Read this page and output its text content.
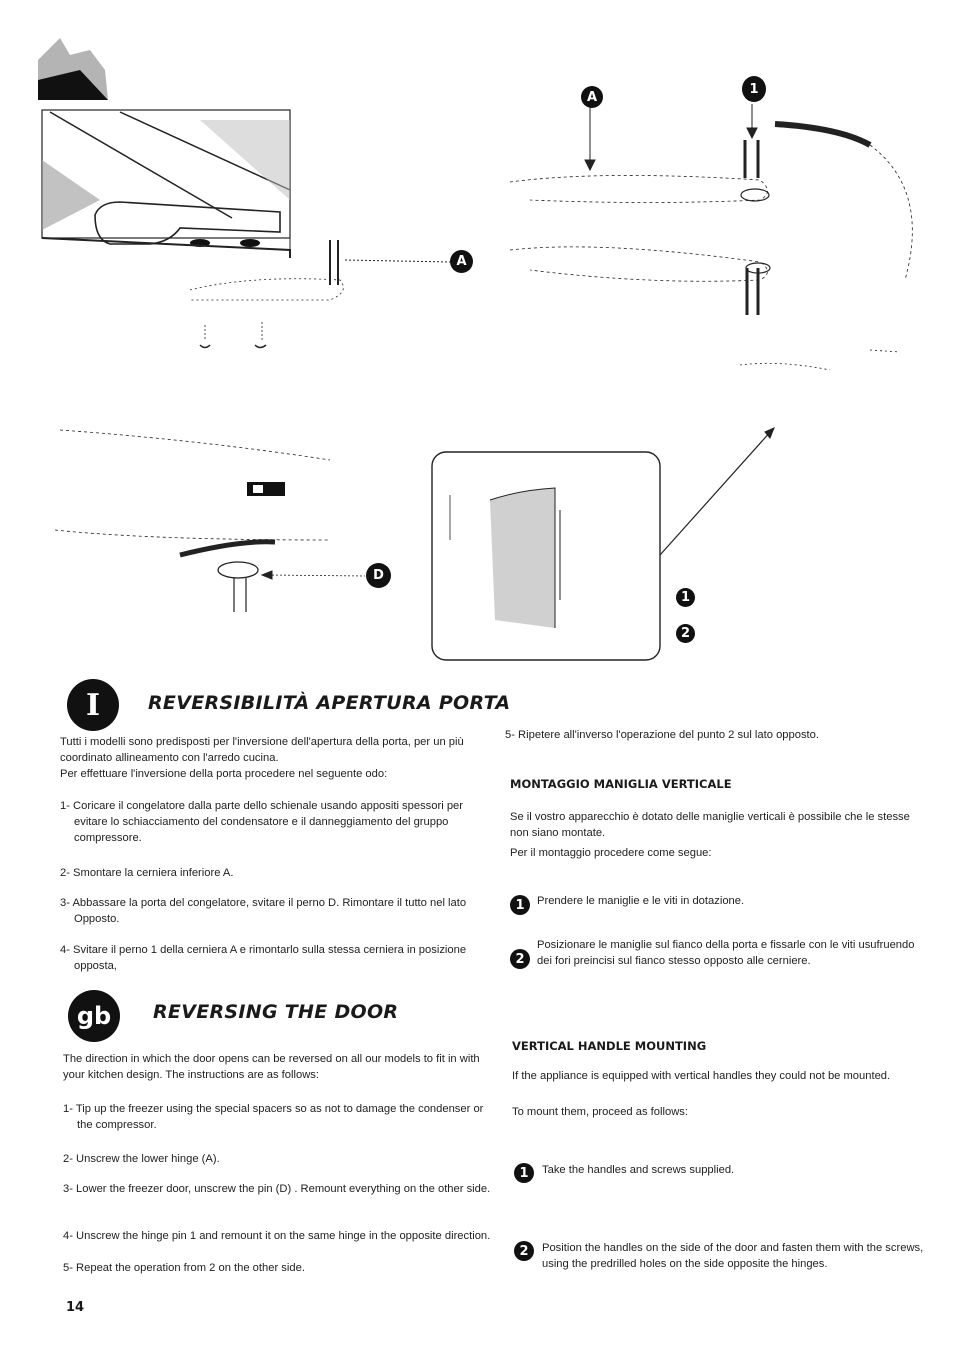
A
1
A
D
1
2
I	REVERSIBILITÀ APERTURA PORTA
Tutti i modelli sono predisposti per l'inversione dell'apertura della porta, per un più coordinato allineamento con l'arredo cucina.
Per effettuare l'inversione della porta procedere nel seguente odo:
1- Coricare il congelatore dalla parte dello schienale usando appositi spessori per evitare lo schiacciamento del condensatore e il danneggiamento del gruppo compressore.
2- Smontare la cerniera inferiore A.
3- Abbassare la porta del congelatore, svitare il perno D. Rimontare il tutto nel lato Opposto.
4- Svitare il perno 1 della cerniera A e rimontarlo sulla stessa cerniera in posizione opposta,
5- Ripetere all'inverso l'operazione del punto 2 sul lato opposto.
MONTAGGIO MANIGLIA VERTICALE
Se il vostro apparecchio è dotato delle maniglie verticali è possibile che le stesse non siano montate.
Per il montaggio procedere come segue:
1 Prendere le maniglie e le viti in dotazione.
2
Posizionare le maniglie sul fianco della porta e fissarle con le viti usufruendo dei fori preincisi sul fianco stesso opposto alle cerniere.
gb REVERSING THE DOOR
The direction in which the door opens can be reversed on all our models to fit in with your kitchen design. The instructions are as follows:
1- Tip up the freezer using the special spacers so as not to damage the condenser or the compressor.
2- Unscrew the lower hinge (A).
3- Lower the freezer door, unscrew the pin (D) . Remount everything on the other side.
4- Unscrew the hinge pin 1 and remount it on the same hinge in the opposite direction.
5- Repeat the operation from 2 on the other side.
VERTICAL HANDLE MOUNTING
If the appliance is equipped with vertical handles they could not be mounted.
To mount them, proceed as follows:
1 Take the handles and screws supplied.
2 Position the handles on the side of the door and fasten them with the screws, using the predrilled holes on the side opposite the hinges.
14
